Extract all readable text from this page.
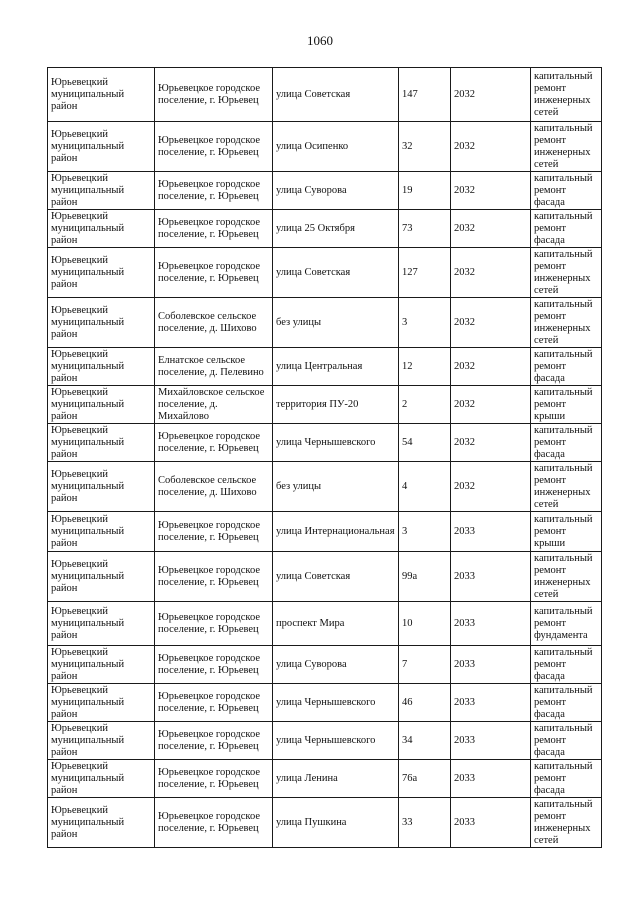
1060
Юрьевецкий муниципальный район	Юрьевецкое городское поселение, г. Юрьевец	улица Советская	147	2032	капитальный ремонт инженерных сетей
Юрьевецкий муниципальный район	Юрьевецкое городское поселение, г. Юрьевец	улица Осипенко	32	2032	капитальный ремонт инженерных сетей
Юрьевецкий муниципальный район	Юрьевецкое городское поселение, г. Юрьевец	улица Суворова	19	2032	капитальный ремонт фасада
Юрьевецкий муниципальный район	Юрьевецкое городское поселение, г. Юрьевец	улица 25 Октября	73	2032	капитальный ремонт фасада
Юрьевецкий муниципальный район	Юрьевецкое городское поселение, г. Юрьевец	улица Советская	127	2032	капитальный ремонт инженерных сетей
Юрьевецкий муниципальный район	Соболевское сельское поселение, д. Шихово	без улицы	3	2032	капитальный ремонт инженерных сетей
Юрьевецкий муниципальный район	Елнатское сельское поселение, д. Пелевино	улица Центральная	12	2032	капитальный ремонт фасада
Юрьевецкий муниципальный район	Михайловское сельское поселение, д. Михайлово	территория ПУ-20	2	2032	капитальный ремонт крыши
Юрьевецкий муниципальный район	Юрьевецкое городское поселение, г. Юрьевец	улица Чернышевского	54	2032	капитальный ремонт фасада
Юрьевецкий муниципальный район	Соболевское сельское поселение, д. Шихово	без улицы	4	2032	капитальный ремонт инженерных сетей
Юрьевецкий муниципальный район	Юрьевецкое городское поселение, г. Юрьевец	улица Интернациональная	3	2033	капитальный ремонт крыши
Юрьевецкий муниципальный район	Юрьевецкое городское поселение, г. Юрьевец	улица Советская	99а	2033	капитальный ремонт инженерных сетей
Юрьевецкий муниципальный район	Юрьевецкое городское поселение, г. Юрьевец	проспект Мира	10	2033	капитальный ремонт фундамента
Юрьевецкий муниципальный район	Юрьевецкое городское поселение, г. Юрьевец	улица Суворова	7	2033	капитальный ремонт фасада
Юрьевецкий муниципальный район	Юрьевецкое городское поселение, г. Юрьевец	улица Чернышевского	46	2033	капитальный ремонт фасада
Юрьевецкий муниципальный район	Юрьевецкое городское поселение, г. Юрьевец	улица Чернышевского	34	2033	капитальный ремонт фасада
Юрьевецкий муниципальный район	Юрьевецкое городское поселение, г. Юрьевец	улица Ленина	76а	2033	капитальный ремонт фасада
Юрьевецкий муниципальный район	Юрьевецкое городское поселение, г. Юрьевец	улица Пушкина	33	2033	капитальный ремонт инженерных сетей
